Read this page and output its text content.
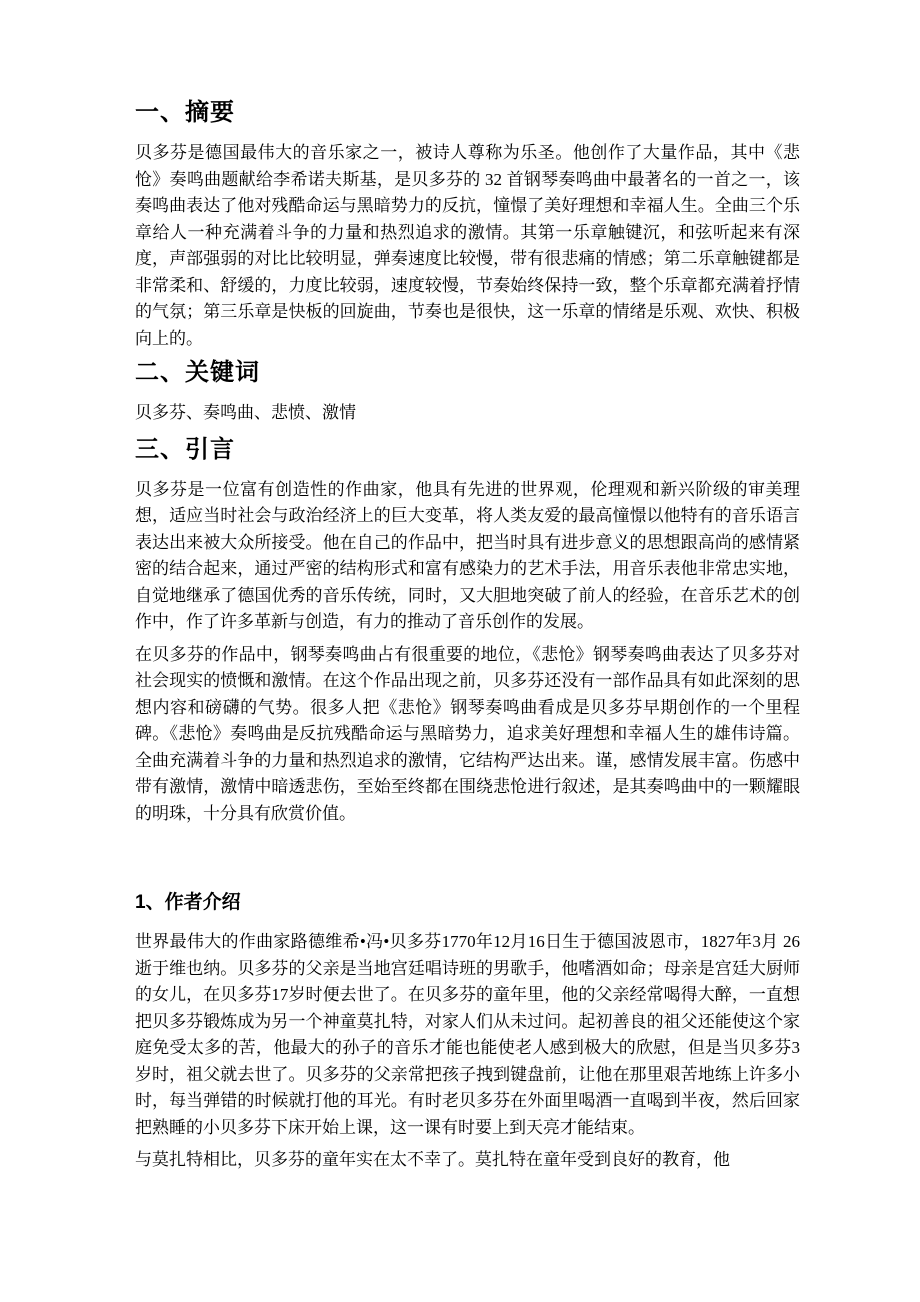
一、摘要

贝多芬是德国最伟大的音乐家之一，被诗人尊称为乐圣。他创作了大量作品，其中《悲怆》奏鸣曲题献给李希诺夫斯基，是贝多芬的 32 首钢琴奏鸣曲中最著名的一首之一，该奏鸣曲表达了他对残酷命运与黑暗势力的反抗，憧憬了美好理想和幸福人生。全曲三个乐章给人一种充满着斗争的力量和热烈追求的激情。其第一乐章触键沉，和弦听起来有深度，声部强弱的对比比较明显，弹奏速度比较慢，带有很悲痛的情感；第二乐章触键都是非常柔和、舒缓的，力度比较弱，速度较慢，节奏始终保持一致，整个乐章都充满着抒情的气氛；第三乐章是快板的回旋曲，节奏也是很快，这一乐章的情绪是乐观、欢快、积极向上的。

二、关键词

贝多芬、奏鸣曲、悲愤、激情

三、引言

贝多芬是一位富有创造性的作曲家，他具有先进的世界观，伦理观和新兴阶级的审美理想，适应当时社会与政治经济上的巨大变革，将人类友爱的最高憧憬以他特有的音乐语言表达出来被大众所接受。他在自己的作品中，把当时具有进步意义的思想跟高尚的感情紧密的结合起来，通过严密的结构形式和富有感染力的艺术手法，用音乐表他非常忠实地，自觉地继承了德国优秀的音乐传统，同时，又大胆地突破了前人的经验，在音乐艺术的创作中，作了许多革新与创造，有力的推动了音乐创作的发展。

在贝多芬的作品中，钢琴奏鸣曲占有很重要的地位，《悲怆》钢琴奏鸣曲表达了贝多芬对社会现实的愤慨和激情。在这个作品出现之前，贝多芬还没有一部作品具有如此深刻的思想内容和磅礴的气势。很多人把《悲怆》钢琴奏鸣曲看成是贝多芬早期创作的一个里程碑。《悲怆》奏鸣曲是反抗残酷命运与黑暗势力，追求美好理想和幸福人生的雄伟诗篇。全曲充满着斗争的力量和热烈追求的激情，它结构严达出来。谨，感情发展丰富。伤感中带有激情，激情中暗透悲伤，至始至终都在围绕悲怆进行叙述，是其奏鸣曲中的一颗耀眼的明珠，十分具有欣赏价值。

1、作者介绍

世界最伟大的作曲家路德维希•冯•贝多芬1770年12月16日生于德国波恩市，1827年3月 26逝于维也纳。贝多芬的父亲是当地宫廷唱诗班的男歌手，他嗜酒如命；母亲是宫廷大厨师的女儿，在贝多芬17岁时便去世了。在贝多芬的童年里，他的父亲经常喝得大醉，一直想把贝多芬锻炼成为另一个神童莫扎特，对家人们从未过问。起初善良的祖父还能使这个家庭免受太多的苦，他最大的孙子的音乐才能也能使老人感到极大的欣慰，但是当贝多芬3岁时，祖父就去世了。贝多芬的父亲常把孩子拽到键盘前，让他在那里艰苦地练上许多小时，每当弹错的时候就打他的耳光。有时老贝多芬在外面里喝酒一直喝到半夜，然后回家把熟睡的小贝多芬下床开始上课，这一课有时要上到天亮才能结束。

与莫扎特相比，贝多芬的童年实在太不幸了。莫扎特在童年受到良好的教育，他
